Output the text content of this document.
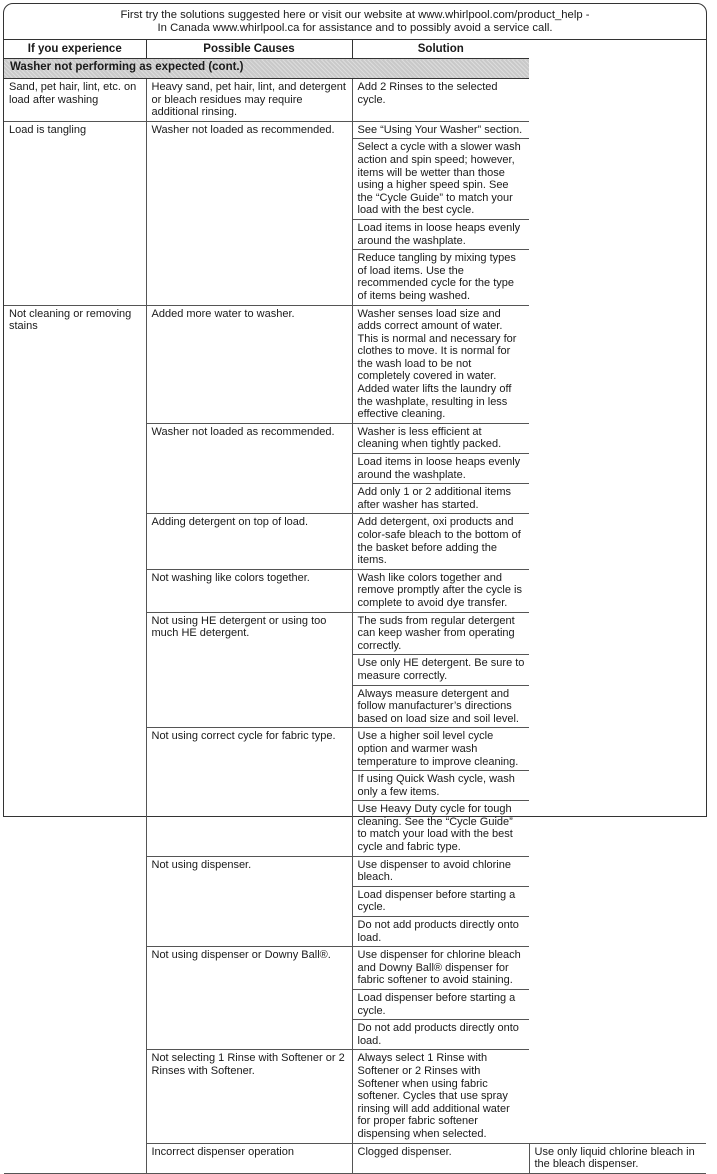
First try the solutions suggested here or visit our website at www.whirlpool.com/product_help -
In Canada www.whirlpool.ca for assistance and to possibly avoid a service call.
If you experience	Possible Causes	Solution	
Washer not performing as expected (cont.)			
Sand, pet hair, lint, etc. on load after washing	Heavy sand, pet hair, lint, and detergent or bleach residues may require additional rinsing.	Add 2 Rinses to the selected cycle.	
Load is tangling	Washer not loaded as recommended.	See “Using Your Washer” section.	
		Select a cycle with a slower wash action and spin speed; however, items will be wetter than those using a higher speed spin. See the “Cycle Guide” to match your load with the best cycle.	
		Load items in loose heaps evenly around the washplate.	
		Reduce tangling by mixing types of load items. Use the recommended cycle for the type of items being washed.	
Not cleaning or removing stains	Added more water to washer.	Washer senses load size and adds correct amount of water. This is normal and necessary for clothes to move. It is normal for the wash load to be not completely covered in water. Added water lifts the laundry off the washplate, resulting in less effective cleaning.	
	Washer not loaded as recommended.	Washer is less efficient at cleaning when tightly packed.	
		Load items in loose heaps evenly around the washplate.	
		Add only 1 or 2 additional items after washer has started.	
	Adding detergent on top of load.	Add detergent, oxi products and color-safe bleach to the bottom of the basket before adding the items.	
	Not washing like colors together.	Wash like colors together and remove promptly after the cycle is complete to avoid dye transfer.	
	Not using HE detergent or using too much HE detergent.	The suds from regular detergent can keep washer from operating correctly.	
		Use only HE detergent. Be sure to measure correctly.	
		Always measure detergent and follow manufacturer’s directions based on load size and soil level.	
	Not using correct cycle for fabric type.	Use a higher soil level cycle option and warmer wash temperature to improve cleaning.	
		If using Quick Wash cycle, wash only a few items.	
		Use Heavy Duty cycle for tough cleaning. See the “Cycle Guide” to match your load with the best cycle and fabric type.	
	Not using dispenser.	Use dispenser to avoid chlorine bleach.	
		Load dispenser before starting a cycle.	
		Do not add products directly onto load.	
	Not using dispenser or Downy Ball®.	Use dispenser for chlorine bleach and Downy Ball® dispenser for fabric softener to avoid staining.	
		Load dispenser before starting a cycle.	
		Do not add products directly onto load.	
	Not selecting 1 Rinse with Softener or 2 Rinses with Softener.	Always select 1 Rinse with Softener or 2 Rinses with Softener when using fabric softener. Cycles that use spray rinsing will add additional water for proper fabric softener dispensing when selected.	
	Incorrect dispenser operation	Clogged dispenser.	Use only liquid chlorine bleach in the bleach dispenser.
